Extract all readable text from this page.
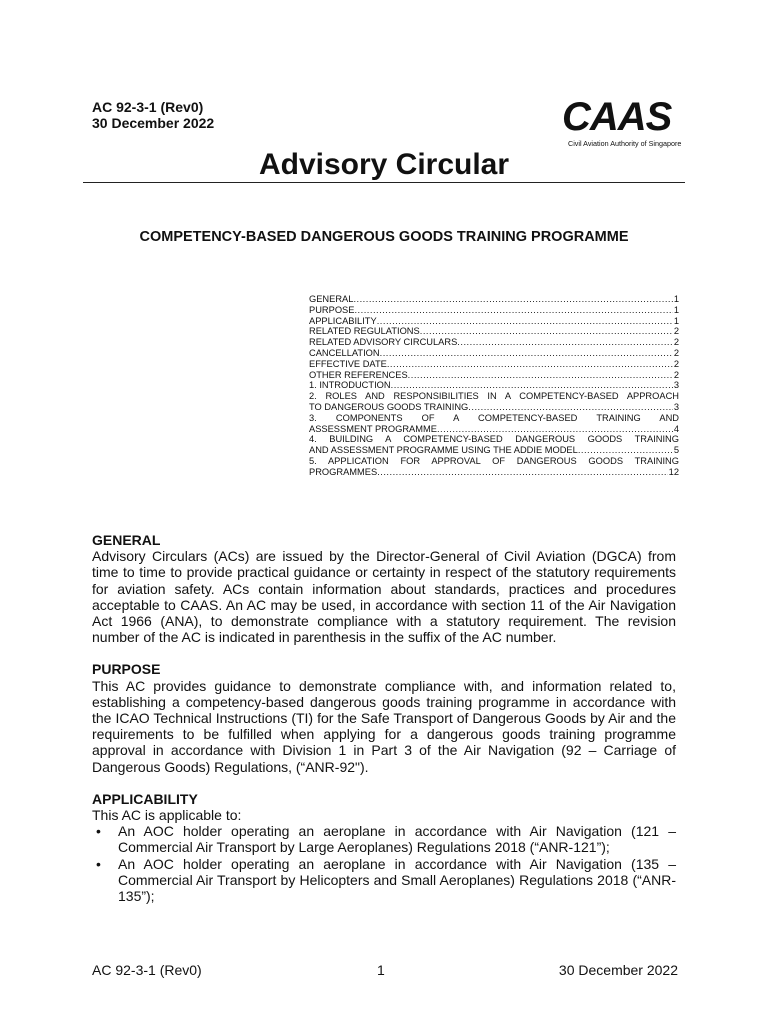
AC 92-3-1 (Rev0)
30 December 2022	CAAS
Civil Aviation Authority of Singapore
Advisory Circular
COMPETENCY-BASED DANGEROUS GOODS TRAINING PROGRAMME
GENERAL .....	1
PURPOSE .....	1
APPLICABILITY .....	1
RELATED REGULATIONS .....	2
RELATED ADVISORY CIRCULARS .....	2
CANCELLATION .....	2
EFFECTIVE DATE .....	2
OTHER REFERENCES .....	2
1. INTRODUCTION .....	3
2. ROLES AND RESPONSIBILITIES IN A COMPETENCY-BASED APPROACH
TO DANGEROUS GOODS TRAINING .....	3
3. COMPONENTS OF A COMPETENCY-BASED TRAINING AND
ASSESSMENT PROGRAMME .....	4
4. BUILDING A COMPETENCY-BASED DANGEROUS GOODS TRAINING
AND ASSESSMENT PROGRAMME USING THE ADDIE MODEL .....	5
5. APPLICATION FOR APPROVAL OF DANGEROUS GOODS TRAINING
PROGRAMMES .....	12

GENERAL

Advisory Circulars (ACs) are issued by the Director-General of Civil Aviation (DGCA) from time to time to provide practical guidance or certainty in respect of the statutory requirements for aviation safety. ACs contain information about standards, practices and procedures acceptable to CAAS. An AC may be used, in accordance with section 11 of the Air Navigation Act 1966 (ANA), to demonstrate compliance with a statutory requirement. The revision number of the AC is indicated in parenthesis in the suffix of the AC number.

PURPOSE

This AC provides guidance to demonstrate compliance with, and information related to, establishing a competency-based dangerous goods training programme in accordance with the ICAO Technical Instructions (TI) for the Safe Transport of Dangerous Goods by Air and the requirements to be fulfilled when applying for a dangerous goods training programme approval in accordance with Division 1 in Part 3 of the Air Navigation (92 – Carriage of Dangerous Goods) Regulations, (“ANR-92").

APPLICABILITY

This AC is applicable to:

• An AOC holder operating an aeroplane in accordance with Air Navigation (121 – Commercial Air Transport by Large Aeroplanes) Regulations 2018 (“ANR-121”);
• An AOC holder operating an aeroplane in accordance with Air Navigation (135 – Commercial Air Transport by Helicopters and Small Aeroplanes) Regulations 2018 (“ANR-135”);
AC 92-3-1 (Rev0)	1	30 December 2022
